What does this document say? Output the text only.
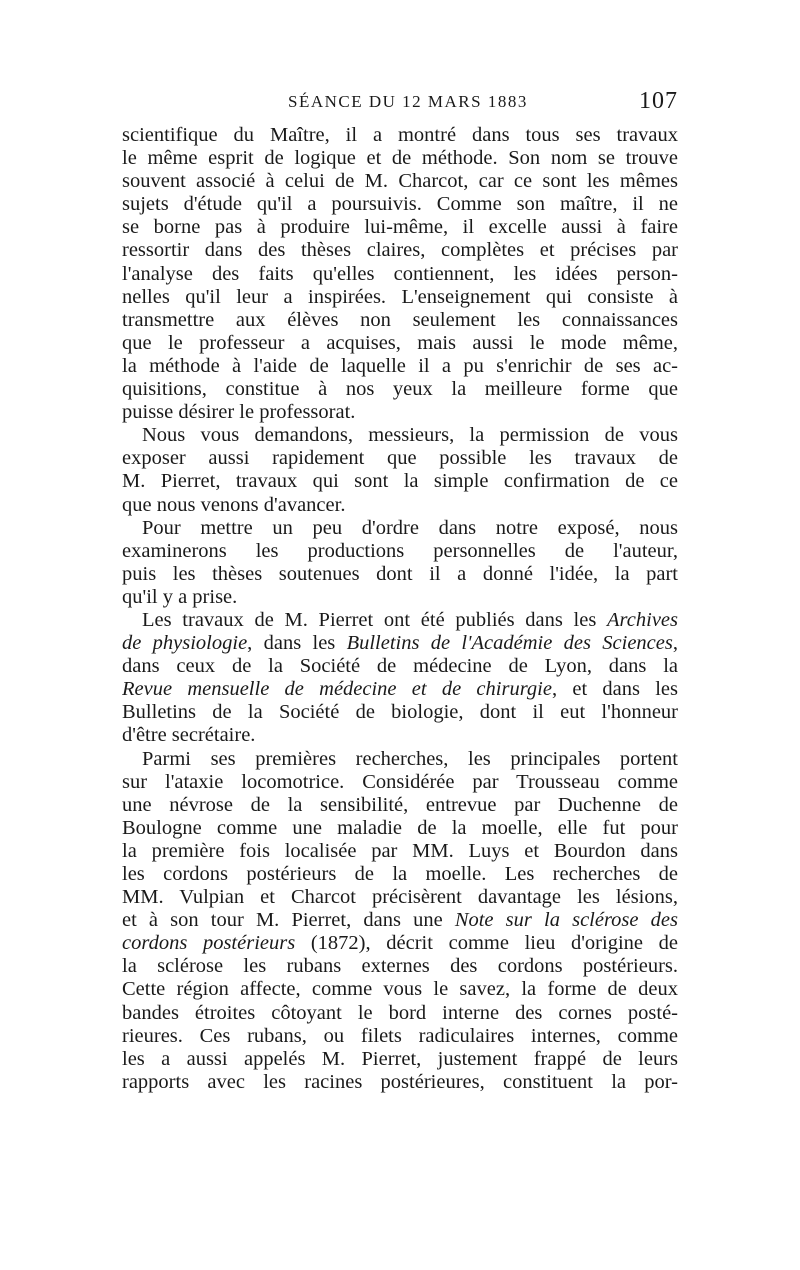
SÉANCE DU 12 MARS 1883	107
scientifique du Maître, il a montré dans tous ses travaux
le même esprit de logique et de méthode. Son nom se trouve
souvent associé à celui de M. Charcot, car ce sont les mêmes
sujets d'étude qu'il a poursuivis. Comme son maître, il ne
se borne pas à produire lui-même, il excelle aussi à faire
ressortir dans des thèses claires, complètes et précises par
l'analyse des faits qu'elles contiennent, les idées person-
nelles qu'il leur a inspirées. L'enseignement qui consiste à
transmettre aux élèves non seulement les connaissances
que le professeur a acquises, mais aussi le mode même,
la méthode à l'aide de laquelle il a pu s'enrichir de ses ac-
quisitions, constitue à nos yeux la meilleure forme que
puisse désirer le professorat.
Nous vous demandons, messieurs, la permission de vous
exposer aussi rapidement que possible les travaux de
M. Pierret, travaux qui sont la simple confirmation de ce
que nous venons d'avancer.
Pour mettre un peu d'ordre dans notre exposé, nous
examinerons les productions personnelles de l'auteur,
puis les thèses soutenues dont il a donné l'idée, la part
qu'il y a prise.
Les travaux de M. Pierret ont été publiés dans les Archives
de physiologie, dans les Bulletins de l'Académie des Sciences,
dans ceux de la Société de médecine de Lyon, dans la
Revue mensuelle de médecine et de chirurgie, et dans les
Bulletins de la Société de biologie, dont il eut l'honneur
d'être secrétaire.
Parmi ses premières recherches, les principales portent
sur l'ataxie locomotrice. Considérée par Trousseau comme
une névrose de la sensibilité, entrevue par Duchenne de
Boulogne comme une maladie de la moelle, elle fut pour
la première fois localisée par MM. Luys et Bourdon dans
les cordons postérieurs de la moelle. Les recherches de
MM. Vulpian et Charcot précisèrent davantage les lésions,
et à son tour M. Pierret, dans une Note sur la sclérose des
cordons postérieurs (1872), décrit comme lieu d'origine de
la sclérose les rubans externes des cordons postérieurs.
Cette région affecte, comme vous le savez, la forme de deux
bandes étroites côtoyant le bord interne des cornes posté-
rieures. Ces rubans, ou filets radiculaires internes, comme
les a aussi appelés M. Pierret, justement frappé de leurs
rapports avec les racines postérieures, constituent la por-
